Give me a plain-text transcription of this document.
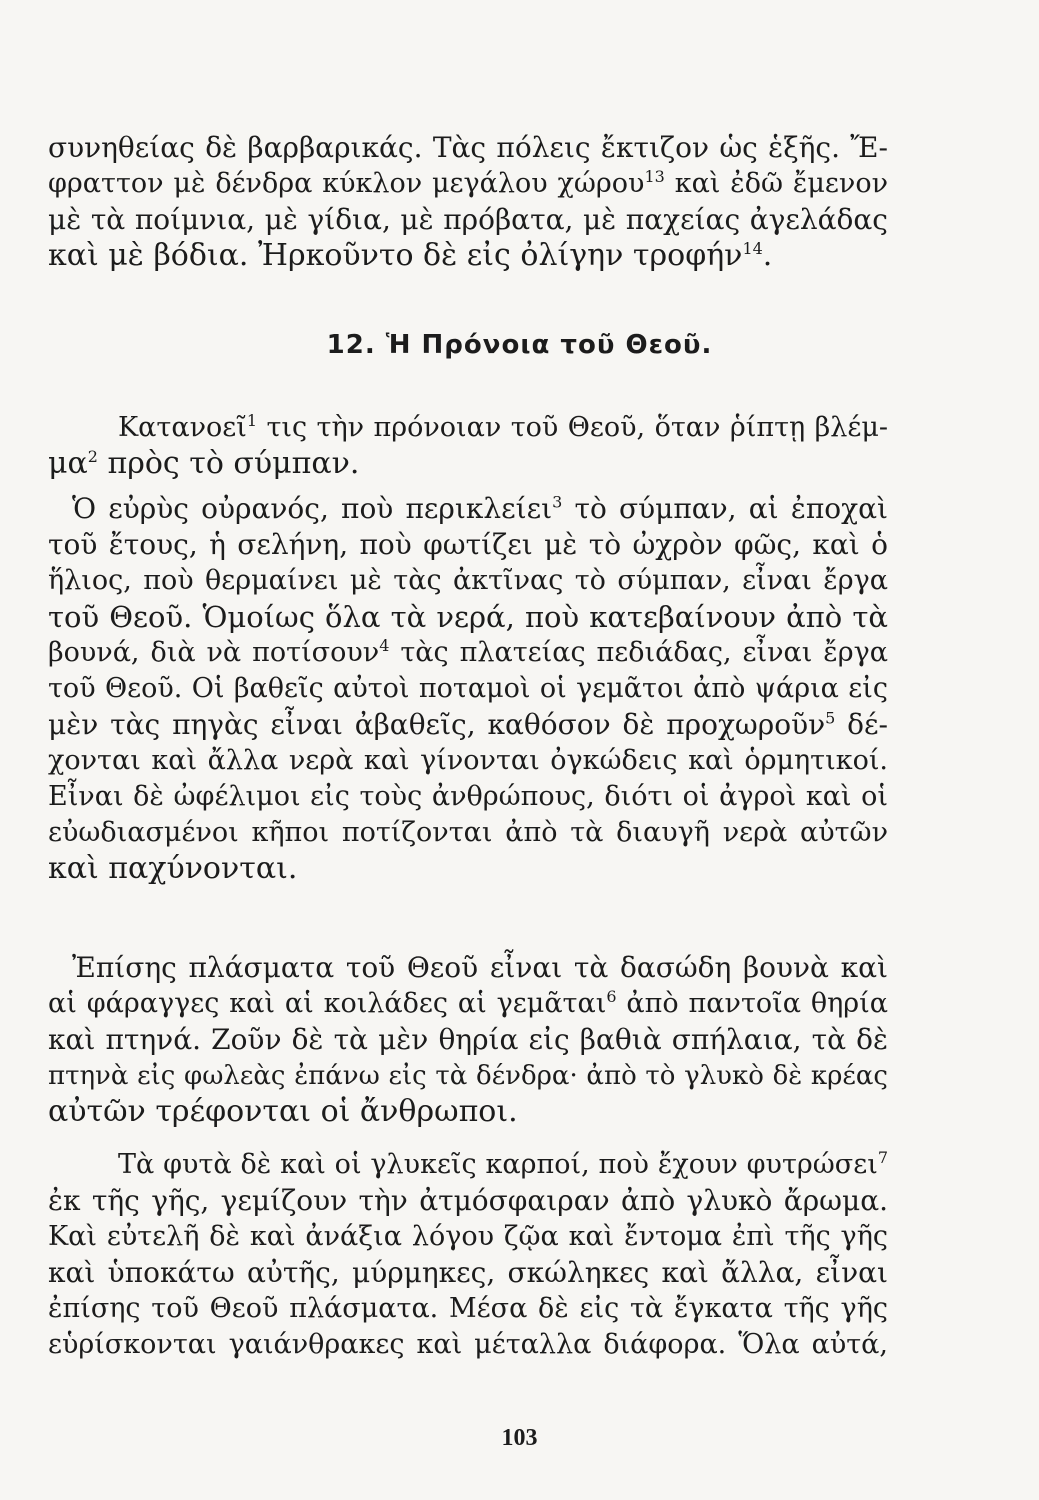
συνηθείας δὲ βαρβαρικάς. Τὰς πόλεις ἔκτιζον ὡς ἑξῆς. Ἔ-
φραττον μὲ δένδρα κύκλον μεγάλου χώρου$^{13}$ καὶ ἐδῶ ἔμενον
μὲ τὰ ποίμνια, μὲ γίδια, μὲ πρόβατα, μὲ παχείας ἀγελάδας
καὶ μὲ βόδια. Ἠρκοῦντο δὲ εἰς ὀλίγην τροφήν$^{14}$.
12. Ἡ Πρόνοια τοῦ Θεοῦ.
Κατανοεῖ$^1$ τις τὴν πρόνοιαν τοῦ Θεοῦ, ὅταν ῥίπτῃ βλέμ-
$\mu\alpha^2$ πρὸς τὸ σύμπαν.
Ὁ εὐρὺς οὐρανός, ποὺ περικλείει$^3$ τὸ σύμπαν, αἱ ἐποχαὶ
τοῦ ἔτους, ἡ σελήνη, ποὺ φωτίζει μὲ τὸ ὠχρὸν φῶς, καὶ ὁ
ἥλιος, ποὺ θερμαίνει μὲ τὰς ἀκτῖνας τὸ σύμπαν, εἶναι ἔργα
τοῦ Θεοῦ. Ὁμοίως ὅλα τὰ νερά, ποὺ κατεβαίνουν ἀπὸ τὰ
βουνά, διὰ νὰ ποτίσουν$^4$ τὰς πλατείας πεδιάδας, εἶναι ἔργα
τοῦ Θεοῦ. Οἱ βαθεῖς αὐτοὶ ποταμοὶ οἱ γεμᾶτοι ἀπὸ ψάρια εἰς
μὲν τὰς πηγὰς εἶναι ἀβαθεῖς, καθόσον δὲ προχωροῦν$^5$ δέ-
χονται καὶ ἄλλα νερὰ καὶ γίνονται ὀγκώδεις καὶ ὁρμητικοί.
Εἶναι δὲ ὠφέλιμοι εἰς τοὺς ἀνθρώπους, διότι οἱ ἀγροὶ καὶ οἱ
εὐωδιασμένοι κῆποι ποτίζονται ἀπὸ τὰ διαυγῆ νερὰ αὐτῶν
καὶ παχύνονται.
Ἐπίσης πλάσματα τοῦ Θεοῦ εἶναι τὰ δασώδη βουνὰ καὶ
αἱ φάραγγες καὶ αἱ κοιλάδες αἱ γεμᾶται$^6$ ἀπὸ παντοῖα θηρία
καὶ πτηνά. Ζοῦν δὲ τὰ μὲν θηρία εἰς βαθιὰ σπήλαια, τὰ δὲ
πτηνὰ εἰς φωλεὰς ἐπάνω εἰς τὰ δένδρα· ἀπὸ τὸ γλυκὸ δὲ κρέας
αὐτῶν τρέφονται οἱ ἄνθρωποι.
Τὰ φυτὰ δὲ καὶ οἱ γλυκεῖς καρποί, ποὺ ἔχουν φυτρώσει$^7$
ἐκ τῆς γῆς, γεμίζουν τὴν ἀτμόσφαιραν ἀπὸ γλυκὸ ἄρωμα.
Καὶ εὐτελῆ δὲ καὶ ἀνάξια λόγου ζῷα καὶ ἔντομα ἐπὶ τῆς γῆς
καὶ ὑποκάτω αὐτῆς, μύρμηκες, σκώληκες καὶ ἄλλα, εἶναι
ἐπίσης τοῦ Θεοῦ πλάσματα. Μέσα δὲ εἰς τὰ ἔγκατα τῆς γῆς
εὑρίσκονται γαιάνθρακες καὶ μέταλλα διάφορα. Ὅλα αὐτά,
103
